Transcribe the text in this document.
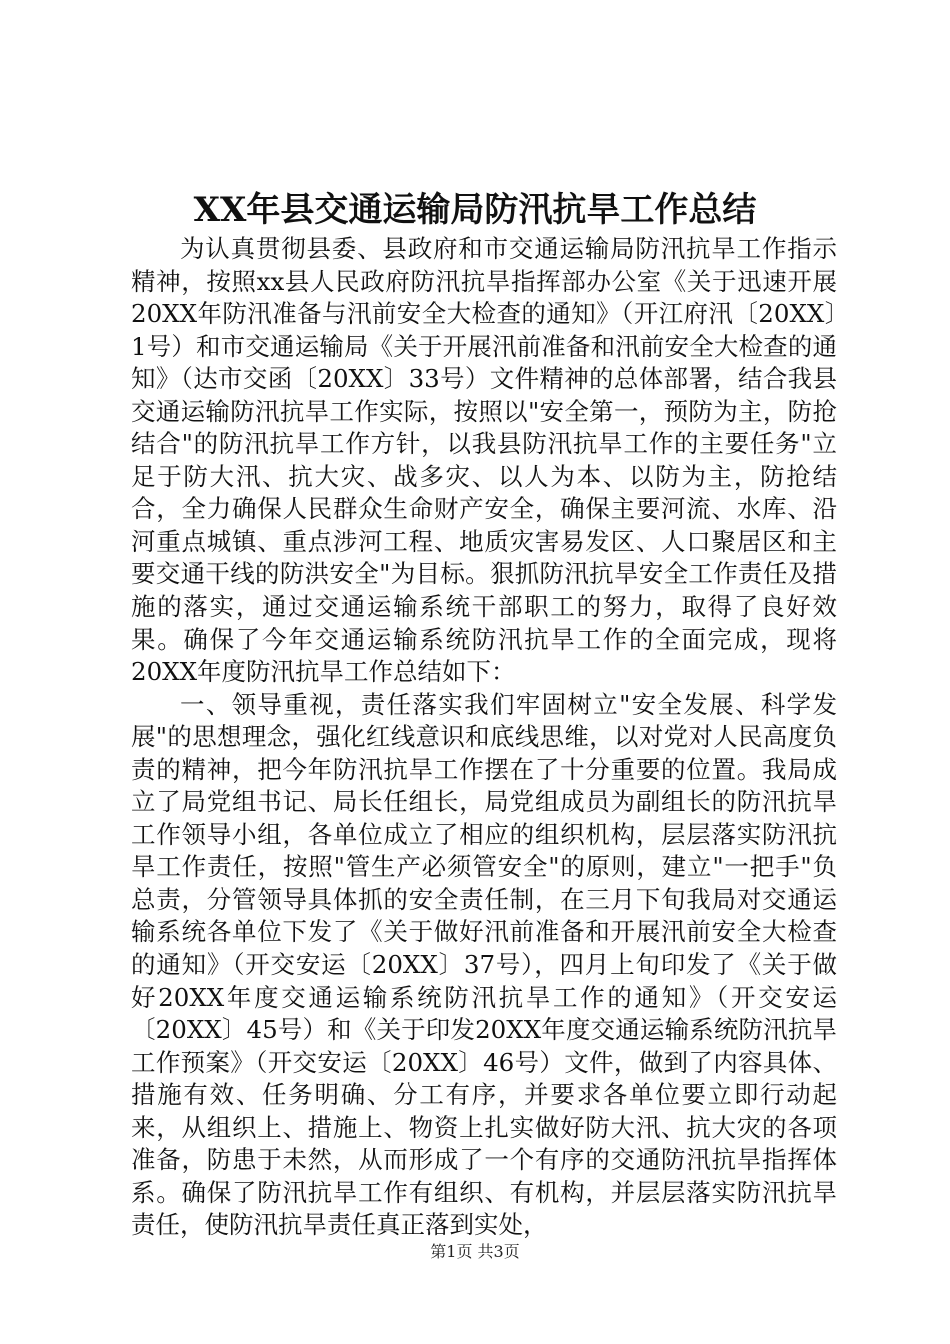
XX年县交通运输局防汛抗旱工作总结

为认真贯彻县委、县政府和市交通运输局防汛抗旱工作指示精神，按照xx县人民政府防汛抗旱指挥部办公室《关于迅速开展20XX年防汛准备与汛前安全大检查的通知》（开江府汛〔20XX〕1号）和市交通运输局《关于开展汛前准备和汛前安全大检查的通知》（达市交函〔20XX〕33号）文件精神的总体部署，结合我县交通运输防汛抗旱工作实际，按照以"安全第一，预防为主，防抢结合"的防汛抗旱工作方针，以我县防汛抗旱工作的主要任务"立足于防大汛、抗大灾、战多灾、以人为本、以防为主，防抢结合，全力确保人民群众生命财产安全，确保主要河流、水库、沿河重点城镇、重点涉河工程、地质灾害易发区、人口聚居区和主要交通干线的防洪安全"为目标。狠抓防汛抗旱安全工作责任及措施的落实，通过交通运输系统干部职工的努力，取得了良好效果。确保了今年交通运输系统防汛抗旱工作的全面完成，现将20XX年度防汛抗旱工作总结如下：

一、领导重视，责任落实我们牢固树立"安全发展、科学发展"的思想理念，强化红线意识和底线思维，以对党对人民高度负责的精神，把今年防汛抗旱工作摆在了十分重要的位置。我局成立了局党组书记、局长任组长，局党组成员为副组长的防汛抗旱工作领导小组，各单位成立了相应的组织机构，层层落实防汛抗旱工作责任，按照"管生产必须管安全"的原则，建立"一把手"负总责，分管领导具体抓的安全责任制，在三月下旬我局对交通运输系统各单位下发了《关于做好汛前准备和开展汛前安全大检查的通知》（开交安运〔20XX〕37号），四月上旬印发了《关于做好20XX年度交通运输系统防汛抗旱工作的通知》（开交安运〔20XX〕45号）和《关于印发20XX年度交通运输系统防汛抗旱工作预案》（开交安运〔20XX〕46号）文件，做到了内容具体、措施有效、任务明确、分工有序，并要求各单位要立即行动起来，从组织上、措施上、物资上扎实做好防大汛、抗大灾的各项准备，防患于未然，从而形成了一个有序的交通防汛抗旱指挥体系。确保了防汛抗旱工作有组织、有机构，并层层落实防汛抗旱责任，使防汛抗旱责任真正落到实处，

第1页 共3页
